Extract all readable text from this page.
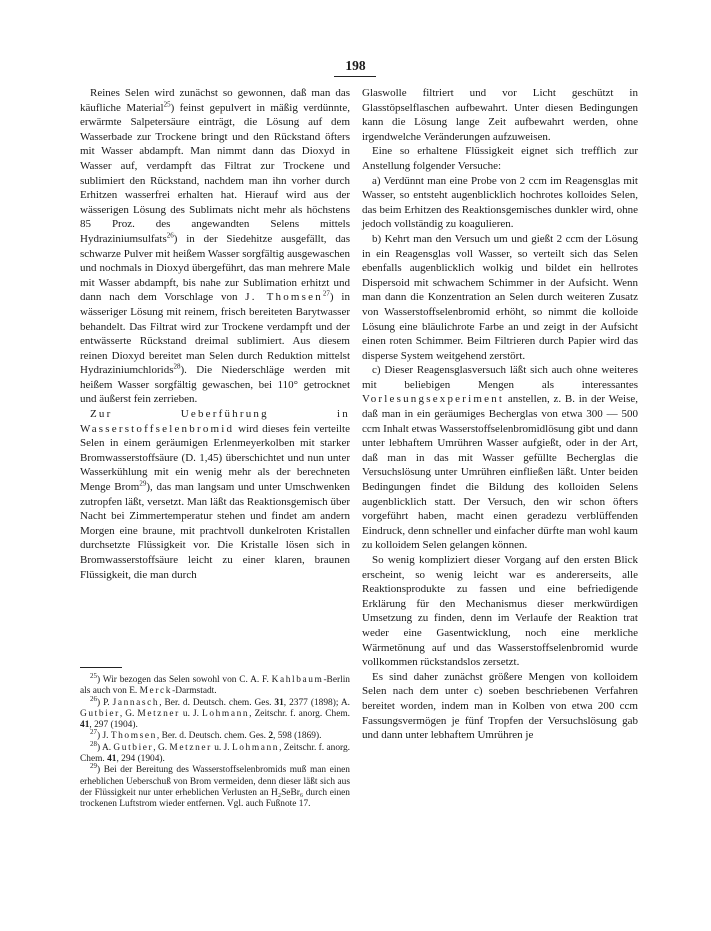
198

Reines Selen wird zunächst so gewonnen, daß man das käufliche Material$^{25}$) feinst gepulvert in mäßig verdünnte, erwärmte Salpetersäure einträgt, die Lösung auf dem Wasserbade zur Trockene bringt und den Rückstand öfters mit Wasser abdampft. Man nimmt dann das Dioxyd in Wasser auf, verdampft das Filtrat zur Trockene und sublimiert den Rückstand, nachdem man ihn vorher durch Erhitzen wasserfrei erhalten hat. Hierauf wird aus der wässerigen Lösung des Sublimats nicht mehr als höchstens 85 Proz. des angewandten Selens mittels Hydraziniumsulfats$^{26}$) in der Siedehitze ausgefällt, das schwarze Pulver mit heißem Wasser sorgfältig ausgewaschen und nochmals in Dioxyd übergeführt, das man mehrere Male mit Wasser abdampft, bis nahe zur Sublimation erhitzt und dann nach dem Vorschlage von J. Thomsen$^{27}$) in wässeriger Lösung mit reinem, frisch bereiteten Barytwasser behandelt. Das Filtrat wird zur Trockene verdampft und der entwässerte Rückstand dreimal sublimiert. Aus diesem reinen Dioxyd bereitet man Selen durch Reduktion mittelst Hydraziniumchlorids$^{28}$). Die Niederschläge werden mit heißem Wasser sorgfältig gewaschen, bei 110° getrocknet und äußerst fein zerrieben.

Zur Ueberführung in Wasserstoffselenbromid wird dieses fein verteilte Selen in einem geräumigen Erlenmeyerkolben mit starker Bromwasserstoffsäure (D. 1,45) überschichtet und nun unter Wasserkühlung mit ein wenig mehr als der berechneten Menge Brom$^{29}$), das man langsam und unter Umschwenken zutropfen läßt, versetzt. Man läßt das Reaktionsgemisch über Nacht bei Zimmertemperatur stehen und findet am andern Morgen eine braune, mit prachtvoll dunkelroten Kristallen durchsetzte Flüssigkeit vor. Die Kristalle lösen sich in Bromwasserstoffsäure leicht zu einer klaren, braunen Flüssigkeit, die man durch

$^{25}$) Wir bezogen das Selen sowohl von C. A. F. Kahlbaum-Berlin als auch von E. Merck-Darmstadt.

$^{26}$) P. Jannasch, Ber. d. Deutsch. chem. Ges. 31, 2377 (1898); A. Gutbier, G. Metzner u. J. Lohmann, Zeitschr. f. anorg. Chem. 41, 297 (1904).

$^{27}$) J. Thomsen, Ber. d. Deutsch. chem. Ges. 2, 598 (1869).

$^{28}$) A. Gutbier, G. Metzner u. J. Lohmann, Zeitschr. f. anorg. Chem. 41, 294 (1904).

$^{29}$) Bei der Bereitung des Wasserstoffselenbromids muß man einen erheblichen Ueberschuß von Brom vermeiden, denn dieser läßt sich aus der Flüssigkeit nur unter erheblichen Verlusten an H₂SeBr₆ durch einen trockenen Luftstrom wieder entfernen. Vgl. auch Fußnote 17.

Glaswolle filtriert und vor Licht geschützt in Glasstöpselflaschen aufbewahrt. Unter diesen Bedingungen kann die Lösung lange Zeit aufbewahrt werden, ohne irgendwelche Veränderungen aufzuweisen.

Eine so erhaltene Flüssigkeit eignet sich trefflich zur Anstellung folgender Versuche:

a) Verdünnt man eine Probe von 2 ccm im Reagensglas mit Wasser, so entsteht augenblicklich hochrotes kolloides Selen, das beim Erhitzen des Reaktionsgemisches dunkler wird, ohne jedoch vollständig zu koagulieren.

b) Kehrt man den Versuch um und gießt 2 ccm der Lösung in ein Reagensglas voll Wasser, so verteilt sich das Selen ebenfalls augenblicklich wolkig und bildet ein hellrotes Dispersoid mit schwachem Schimmer in der Aufsicht. Wenn man dann die Konzentration an Selen durch weiteren Zusatz von Wasserstoffselenbromid erhöht, so nimmt die kolloide Lösung eine bläulichrote Farbe an und zeigt in der Aufsicht einen roten Schimmer. Beim Filtrieren durch Papier wird das disperse System weitgehend zerstört.

c) Dieser Reagensglasversuch läßt sich auch ohne weiteres mit beliebigen Mengen als interessantes Vorlesungsexperiment anstellen, z. B. in der Weise, daß man in ein geräumiges Becherglas von etwa 300 — 500 ccm Inhalt etwas Wasserstoffselenbromidlösung gibt und dann unter lebhaftem Umrühren Wasser aufgießt, oder in der Art, daß man in das mit Wasser gefüllte Becherglas die Versuchslösung unter Umrühren einfließen läßt. Unter beiden Bedingungen findet die Bildung des kolloiden Selens augenblicklich statt. Der Versuch, den wir schon öfters vorgeführt haben, macht einen geradezu verblüffenden Eindruck, denn schneller und einfacher dürfte man wohl kaum zu kolloidem Selen gelangen können.

So wenig kompliziert dieser Vorgang auf den ersten Blick erscheint, so wenig leicht war es andererseits, alle Reaktionsprodukte zu fassen und eine befriedigende Erklärung für den Mechanismus dieser merkwürdigen Umsetzung zu finden, denn im Verlaufe der Reaktion trat weder eine Gasentwicklung, noch eine merkliche Wärmetönung auf und das Wasserstoffselenbromid wurde vollkommen rückstandslos zersetzt.

Es sind daher zunächst größere Mengen von kolloidem Selen nach dem unter c) soeben beschriebenen Verfahren bereitet worden, indem man in Kolben von etwa 200 ccm Fassungsvermögen je fünf Tropfen der Versuchslösung gab und dann unter lebhaftem Umrühren je
